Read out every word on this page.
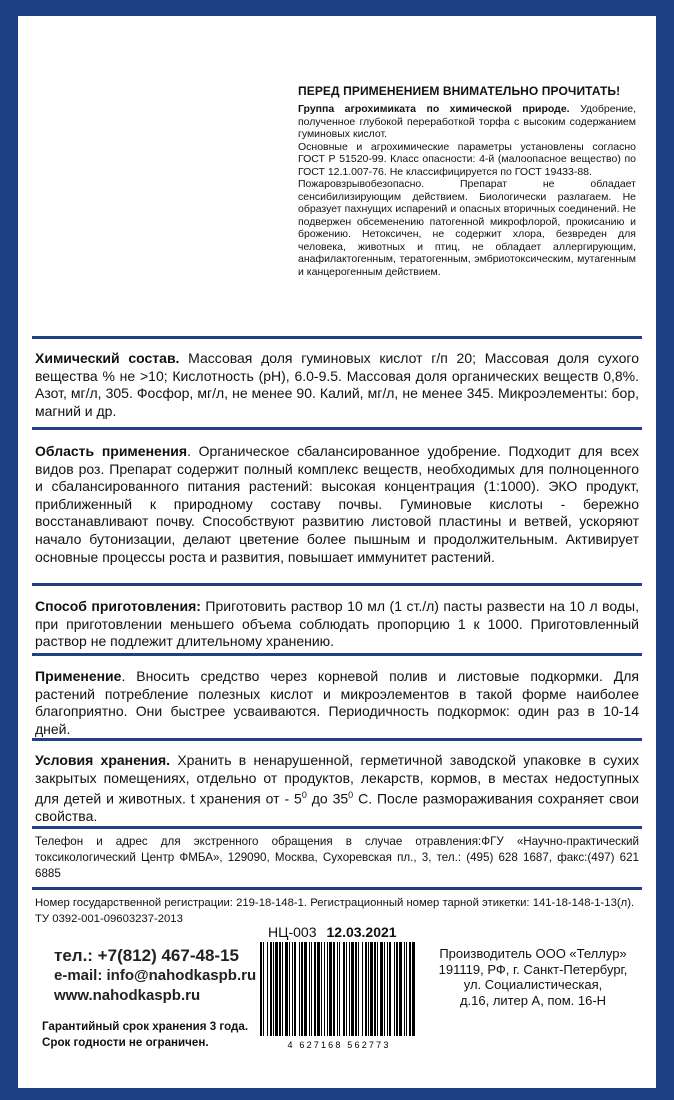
ПЕРЕД ПРИМЕНЕНИЕМ ВНИМАТЕЛЬНО ПРОЧИТАТЬ!

Группа агрохимиката по химической природе. Удобрение, полученное глубокой переработкой торфа с высоким содержанием гуминовых кислот.

Основные и агрохимические параметры установлены согласно ГОСТ Р 51520-99. Класс опасности: 4-й (малоопасное вещество) по ГОСТ 12.1.007-76. Не классифицируется по ГОСТ 19433-88.

Пожаровзрывобезопасно. Препарат не обладает сенсибилизирующим действием. Биологически разлагаем. Не образует пахнущих испарений и опасных вторичных соединений. Не подвержен обсеменению патогенной микрофлорой, прокисанию и брожению. Нетоксичен, не содержит хлора, безвреден для человека, животных и птиц, не обладает аллергирующим, анафилактогенным, тератогенным, эмбриотоксическим, мутагенным и канцерогенным действием.

Химический состав. Массовая доля гуминовых кислот г/п 20; Массовая доля сухого вещества % не >10; Кислотность (pH), 6.0-9.5. Массовая доля органических веществ 0,8%. Азот, мг/л, 305. Фосфор, мг/л, не менее 90. Калий, мг/л, не менее 345. Микроэлементы: бор, магний и др.

Область применения. Органическое сбалансированное удобрение. Подходит для всех видов роз. Препарат содержит полный комплекс веществ, необходимых для полноценного и сбалансированного питания растений: высокая концентрация (1:1000). ЭКО продукт, приближенный к природному составу почвы. Гуминовые кислоты - бережно восстанавливают почву. Способствуют развитию листовой пластины и ветвей, ускоряют начало бутонизации, делают цветение более пышным и продолжительным. Активирует основные процессы роста и развития, повышает иммунитет растений.

Способ приготовления: Приготовить раствор 10 мл (1 ст./л) пасты развести на 10 л воды, при приготовлении меньшего объема соблюдать пропорцию 1 к 1000. Приготовленный раствор не подлежит длительному хранению.

Применение. Вносить средство через корневой полив и листовые подкормки. Для растений потребление полезных кислот и микроэлементов в такой форме наиболее благоприятно. Они быстрее усваиваются. Периодичность подкормок: один раз в 10-14 дней.

Условия хранения. Хранить в ненарушенной, герметичной заводской упаковке в сухих закрытых помещениях, отдельно от продуктов, лекарств, кормов, в местах недоступных для детей и животных. t хранения от - $5^0$ до $35^0$ С. После размораживания сохраняет свои свойства.

Телефон и адрес для экстренного обращения в случае отравления:ФГУ «Научно-практический токсикологический Центр ФМБА», 129090, Москва, Сухоревская пл., 3, тел.: (495) 628 1687, факс:(497) 621 6885
Номер государственной регистрации: 219-18-148-1. Регистрационный номер тарной этикетки: 141-18-148-1-13(л).
ТУ 0392-001-09603237-2013
тел.: +7(812) 467-48-15
e-mail: info@nahodkaspb.ru
www.nahodkaspb.ru
Гарантийный срок хранения 3 года.
Срок годности не ограничен.
НЦ-003 12.03.2021
4 627168 562773
Производитель ООО «Теллур»
191119, РФ, г. Санкт-Петербург,
ул. Социалистическая,
д.16, литер А, пом. 16-Н
